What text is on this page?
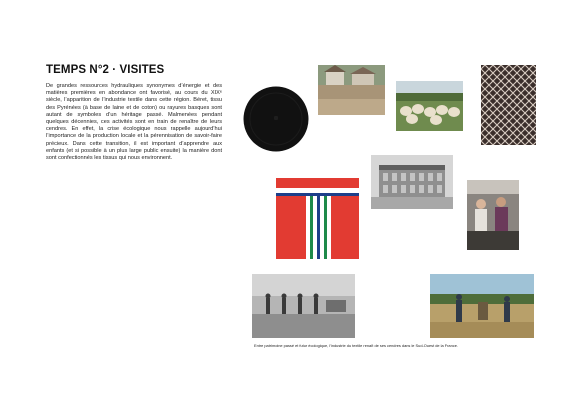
TEMPS N°2 · VISITES

De grandes ressources hydrauliques synonymes d’énergie et des matières premières en abondance ont favorisé, au cours du XIXᵉ siècle, l’apparition de l’industrie textile dans cette région. Béret, tissu des Pyrénées (à base de laine et de coton) ou rayures basques sont autant de symboles d’un héritage passé. Malmenées pendant quelques décennies, ces activités sont en train de renaître de leurs cendres. En effet, la crise écologique nous rappelle aujourd’hui l’importance de la production locale et la pérennisation de savoir-faire précieux. Dans cette transition, il est important d’apprendre aux enfants (et si possible à un plus large public ensuite) la manière dont sont confectionnés les tissus qui nous environnent.

Entre patrimoine passé et futur écologique, l’industrie du textile renaît de ses cendres dans le Sud-Ouest de la France.
